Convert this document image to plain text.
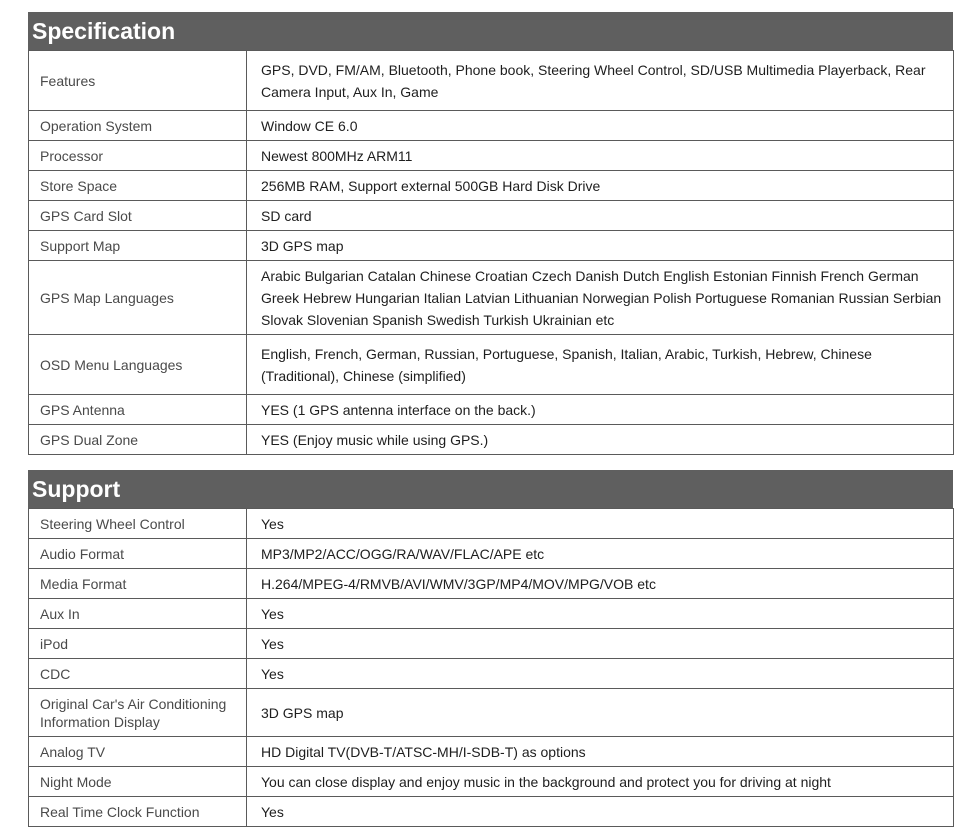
Specification
Features	GPS, DVD, FM/AM, Bluetooth, Phone book, Steering Wheel Control, SD/USB Multimedia Playerback, Rear Camera Input, Aux In, Game
Operation System	Window CE 6.0
Processor	Newest 800MHz ARM11
Store Space	256MB RAM, Support external 500GB Hard Disk Drive
GPS Card Slot	SD card
Support Map	3D GPS map
GPS Map Languages	Arabic Bulgarian Catalan Chinese Croatian Czech Danish Dutch English Estonian Finnish French German Greek Hebrew Hungarian Italian Latvian Lithuanian Norwegian Polish Portuguese Romanian Russian Serbian Slovak Slovenian Spanish Swedish Turkish Ukrainian etc
OSD Menu Languages	English, French, German, Russian, Portuguese, Spanish, Italian, Arabic, Turkish, Hebrew, Chinese (Traditional), Chinese (simplified)
GPS Antenna	YES (1 GPS antenna interface on the back.)
GPS Dual Zone	YES (Enjoy music while using GPS.)
Support
Steering Wheel Control	Yes
Audio Format	MP3/MP2/ACC/OGG/RA/WAV/FLAC/APE etc
Media Format	H.264/MPEG-4/RMVB/AVI/WMV/3GP/MP4/MOV/MPG/VOB etc
Aux In	Yes
iPod	Yes
CDC	Yes
Original Car's Air Conditioning Information Display	3D GPS map
Analog TV	HD Digital TV(DVB-T/ATSC-MH/I-SDB-T) as options
Night Mode	You can close display and enjoy music in the background and protect you for driving at night
Real Time Clock Function	Yes
